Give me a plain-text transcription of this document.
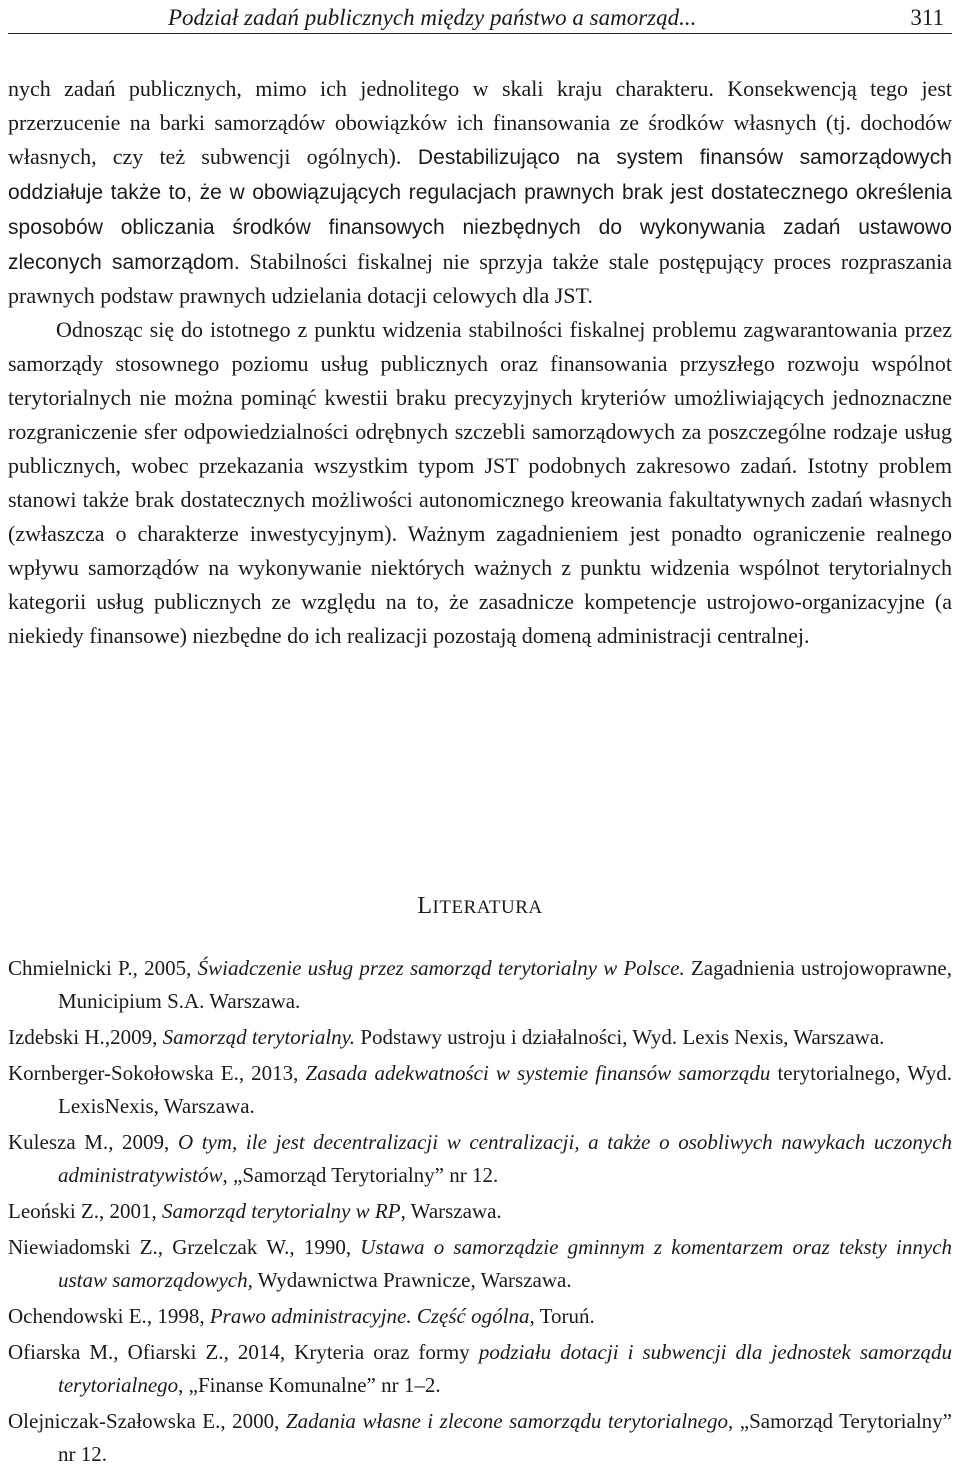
Podział zadań publicznych między państwo a samorząd...	311

nych zadań publicznych, mimo ich jednolitego w skali kraju charakteru. Konsekwencją tego jest przerzucenie na barki samorządów obowiązków ich finansowania ze środków własnych (tj. dochodów własnych, czy też subwencji ogólnych). Destabilizująco na system finansów samorządowych oddziałuje także to, że w obowiązujących regulacjach prawnych brak jest dostatecznego określenia sposobów obliczania środków finansowych niezbędnych do wykonywania zadań ustawowo zleconych samorządom. Stabilności fiskalnej nie sprzyja także stale postępujący proces rozpraszania prawnych podstaw prawnych udzielania dotacji celowych dla JST.

Odnosząc się do istotnego z punktu widzenia stabilności fiskalnej problemu zagwarantowania przez samorządy stosownego poziomu usług publicznych oraz finansowania przyszłego rozwoju wspólnot terytorialnych nie można pominąć kwestii braku precyzyjnych kryteriów umożliwiających jednoznaczne rozgraniczenie sfer odpowiedzialności odrębnych szczebli samorządowych za poszczególne rodzaje usług publicznych, wobec przekazania wszystkim typom JST podobnych zakresowo zadań. Istotny problem stanowi także brak dostatecznych możliwości autonomicznego kreowania fakultatywnych zadań własnych (zwłaszcza o charakterze inwestycyjnym). Ważnym zagadnieniem jest ponadto ograniczenie realnego wpływu samorządów na wykonywanie niektórych ważnych z punktu widzenia wspólnot terytorialnych kategorii usług publicznych ze względu na to, że zasadnicze kompetencje ustrojowo-organizacyjne (a niekiedy finansowe) niezbędne do ich realizacji pozostają domeną administracji centralnej.

LITERATURA

Chmielnicki P., 2005, Świadczenie usług przez samorząd terytorialny w Polsce. Zagadnienia ustrojowoprawne, Municipium S.A. Warszawa.

Izdebski H.,2009, Samorząd terytorialny. Podstawy ustroju i działalności, Wyd. Lexis Nexis, Warszawa.

Kornberger-Sokołowska E., 2013, Zasada adekwatności w systemie finansów samorządu terytorialnego, Wyd. LexisNexis, Warszawa.

Kulesza M., 2009, O tym, ile jest decentralizacji w centralizacji, a także o osobliwych nawykach uczonych administratywistów, „Samorząd Terytorialny” nr 12.

Leoński Z., 2001, Samorząd terytorialny w RP, Warszawa.

Niewiadomski Z., Grzelczak W., 1990, Ustawa o samorządzie gminnym z komentarzem oraz teksty innych ustaw samorządowych, Wydawnictwa Prawnicze, Warszawa.

Ochendowski E., 1998, Prawo administracyjne. Część ogólna, Toruń.

Ofiarska M., Ofiarski Z., 2014, Kryteria oraz formy podziału dotacji i subwencji dla jednostek samorządu terytorialnego, „Finanse Komunalne” nr 1–2.

Olejniczak-Szałowska E., 2000, Zadania własne i zlecone samorządu terytorialnego, „Samorząd Terytorialny” nr 12.
